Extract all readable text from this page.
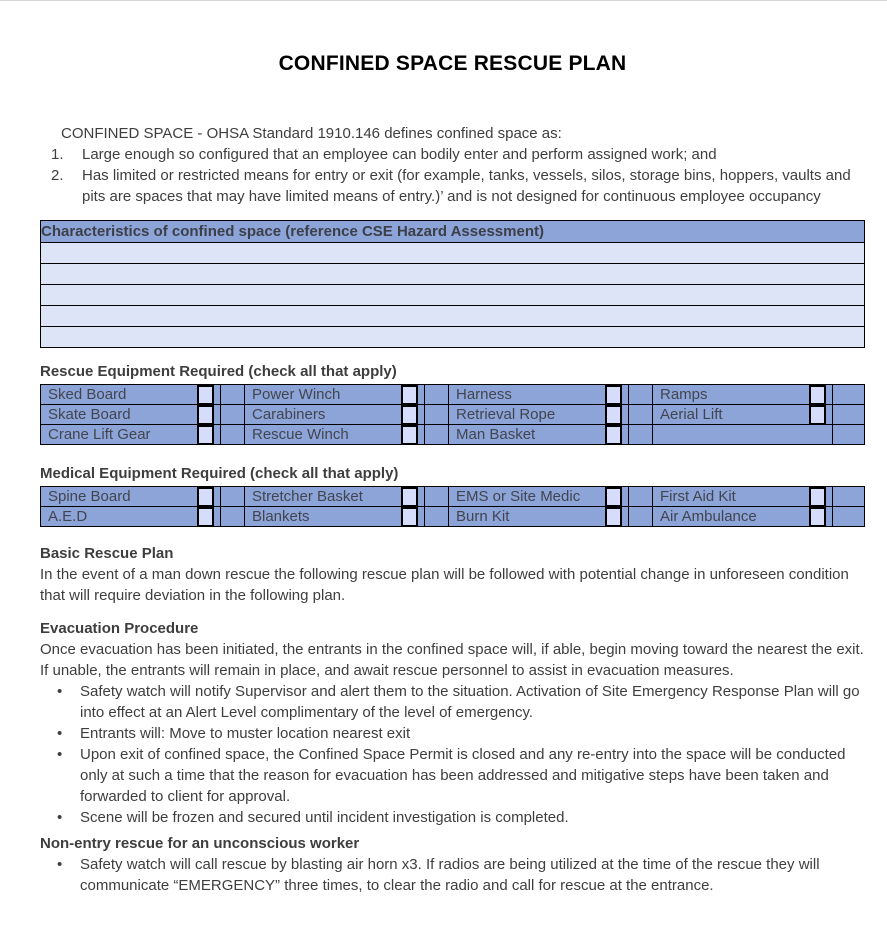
CONFINED SPACE RESCUE PLAN

CONFINED SPACE - OHSA Standard 1910.146 defines confined space as:

1.	Large enough so configured that an employee can bodily enter and perform assigned work; and
2.	Has limited or restricted means for entry or exit (for example, tanks, vessels, silos, storage bins, hoppers, vaults and pits are spaces that may have limited means of entry.)’ and is not designed for continuous employee occupancy
Characteristics of confined space (reference CSE Hazard Assessment)

Rescue Equipment Required (check all that apply)
Sked Board		Power Winch		Harness		Ramps	

Skate Board		Carabiners		Retrieval Rope		Aerial Lift	

Crane Lift Gear		Rescue Winch		Man Basket			

Medical Equipment Required (check all that apply)
Spine Board		Stretcher Basket		EMS or Site Medic		First Aid Kit	

A.E.D		Blankets		Burn Kit		Air Ambulance	

Basic Rescue Plan

In the event of a man down rescue the following rescue plan will be followed with potential change in unforeseen condition that will require deviation in the following plan.

Evacuation Procedure

Once evacuation has been initiated, the entrants in the confined space will, if able, begin moving toward the nearest the exit. If unable, the entrants will remain in place, and await rescue personnel to assist in evacuation measures.

•	Safety watch will notify Supervisor and alert them to the situation. Activation of Site Emergency Response Plan will go into effect at an Alert Level complimentary of the level of emergency.
•	Entrants will: Move to muster location nearest exit
•	Upon exit of confined space, the Confined Space Permit is closed and any re-entry into the space will be conducted only at such a time that the reason for evacuation has been addressed and mitigative steps have been taken and forwarded to client for approval.
•	Scene will be frozen and secured until incident investigation is completed.
Non-entry rescue for an unconscious worker
•	Safety watch will call rescue by blasting air horn x3. If radios are being utilized at the time of the rescue they will communicate “EMERGENCY” three times, to clear the radio and call for rescue at the entrance.
